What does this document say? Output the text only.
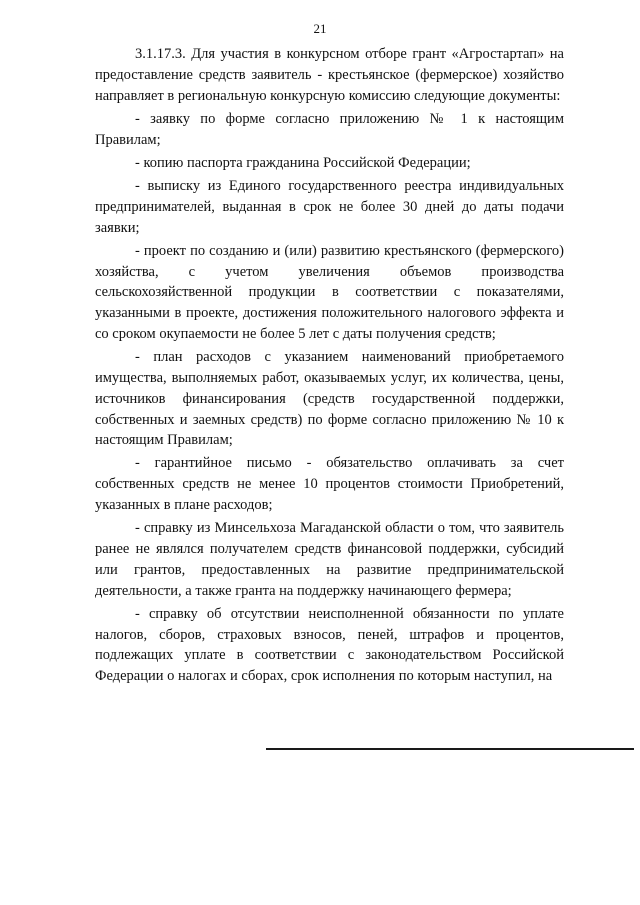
21

3.1.17.3. Для участия в конкурсном отборе грант «Агростартап» на предоставление средств заявитель - крестьянское (фермерское) хозяйство направляет в региональную конкурсную комиссию следующие документы:

- заявку по форме согласно приложению № 1 к настоящим Правилам;

- копию паспорта гражданина Российской Федерации;

- выписку из Единого государственного реестра индивидуальных предпринимателей, выданная в срок не более 30 дней до даты подачи заявки;

- проект по созданию и (или) развитию крестьянского (фермерского) хозяйства, с учетом увеличения объемов производства сельскохозяйственной продукции в соответствии с показателями, указанными в проекте, достижения положительного налогового эффекта и со сроком окупаемости не более 5 лет с даты получения средств;

- план расходов с указанием наименований приобретаемого имущества, выполняемых работ, оказываемых услуг, их количества, цены, источников финансирования (средств государственной поддержки, собственных и заемных средств) по форме согласно приложению № 10 к настоящим Правилам;

- гарантийное письмо - обязательство оплачивать за счет собственных средств не менее 10 процентов стоимости Приобретений, указанных в плане расходов;

- справку из Минсельхоза Магаданской области о том, что заявитель ранее не являлся получателем средств финансовой поддержки, субсидий или грантов, предоставленных на развитие предпринимательской деятельности, а также гранта на поддержку начинающего фермера;

- справку об отсутствии неисполненной обязанности по уплате налогов, сборов, страховых взносов, пеней, штрафов и процентов, подлежащих уплате в соответствии с законодательством Российской Федерации о налогах и сборах, срок исполнения по которым наступил, на
